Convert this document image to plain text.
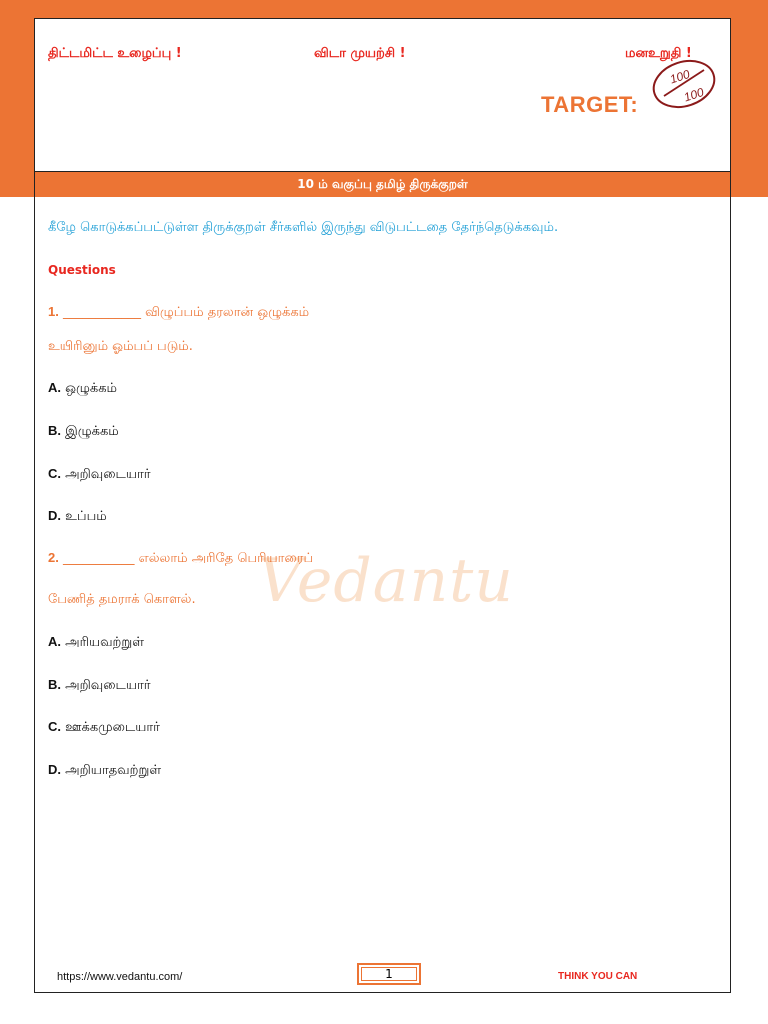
திட்டமிட்ட உழைப்பு !	விடா முயற்சி !	மனஉறுதி !
TARGET:
100
100
10 ம் வகுப்பு தமிழ் திருக்குறள்
கீழே கொடுக்கப்பட்டுள்ள திருக்குறள் சீர்களில் இருந்து விடுபட்டதை தேர்ந்தெடுக்கவும்.
Questions
Vedantu
1. ____________ விழுப்பம் தரலான் ஒழுக்கம்
உயிரினும் ஓம்பப் படும்.
A. ஒழுக்கம்
B. இழுக்கம்
C. அறிவுடையார்
D. உப்பம்
2. ___________ எல்லாம் அரிதே பெரியாரைப்
பேணித் தமராக் கொளல்.
A. அரியவற்றுள்
B. அறிவுடையார்
C. ஊக்கமுடையார்
D. அறியாதவற்றுள்
https://www.vedantu.com/	1	THINK YOU CAN
